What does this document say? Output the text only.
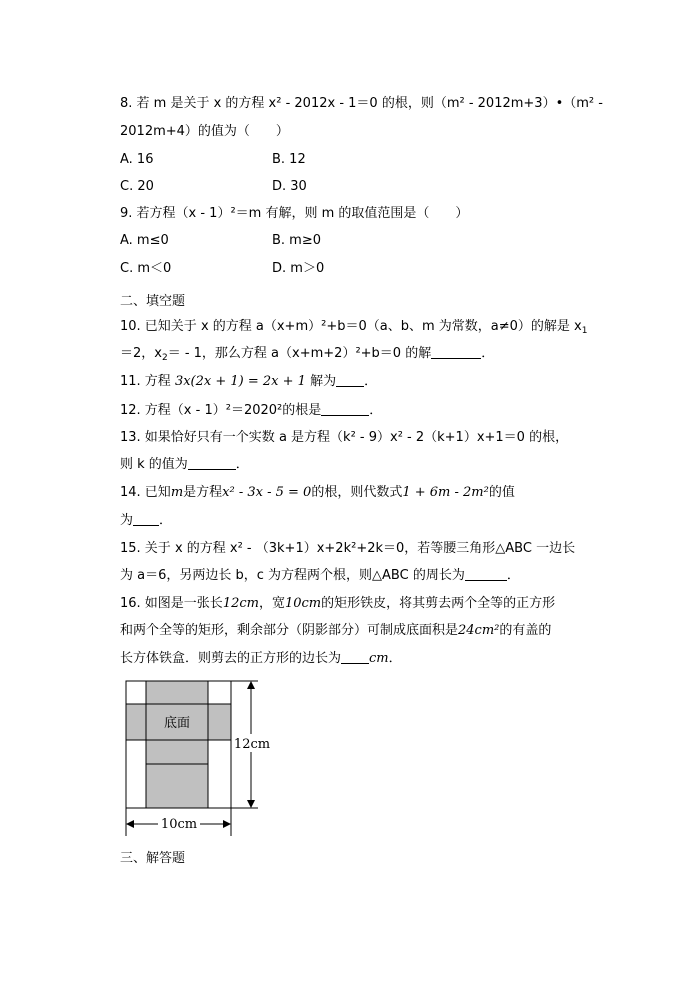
8. 若 m 是关于 x 的方程 x² - 2012x - 1＝0 的根，则（m² - 2012m+3）•（m² -
2012m+4）的值为（　　）
A. 16	B. 12
C. 20	D. 30
9. 若方程（x - 1）²＝m 有解，则 m 的取值范围是（　　）
A. m≤0	B. m≥0
C. m＜0	D. m＞0
二、填空题
10. 已知关于 x 的方程 a（x+m）²+b＝0（a、b、m 为常数，a≠0）的解是 $x_1$
＝2，$x_2= - 1$，那么方程 a（x+m+2）²+b＝0 的解	．
11. 方程 3x(2x + 1) = 2x + 1 解为 ．
12. 方程（x - 1）²＝2020²的根是	．
13. 如果恰好只有一个实数 a 是方程（k² - 9）x² - 2（k+1）x+1＝0 的根，
则 k 的值为	．
14. 已知m是方程x² - 3x - 5 = 0的根，则代数式1 + 6m - 2m²的值
为 ．
15. 关于 x 的方程 x² - （3k+1）x+2k²+2k＝0，若等腰三角形△ABC 一边长
为 a＝6，另两边长 b，c 为方程两个根，则△ABC 的周长为	．
16. 如图是一张长12cm，宽10cm的矩形铁皮，将其剪去两个全等的正方形
和两个全等的矩形，剩余部分（阴影部分）可制成底面积是24cm²的有盖的
长方体铁盒．则剪去的正方形的边长为 cm．
底面
12cm
10cm
三、解答题
